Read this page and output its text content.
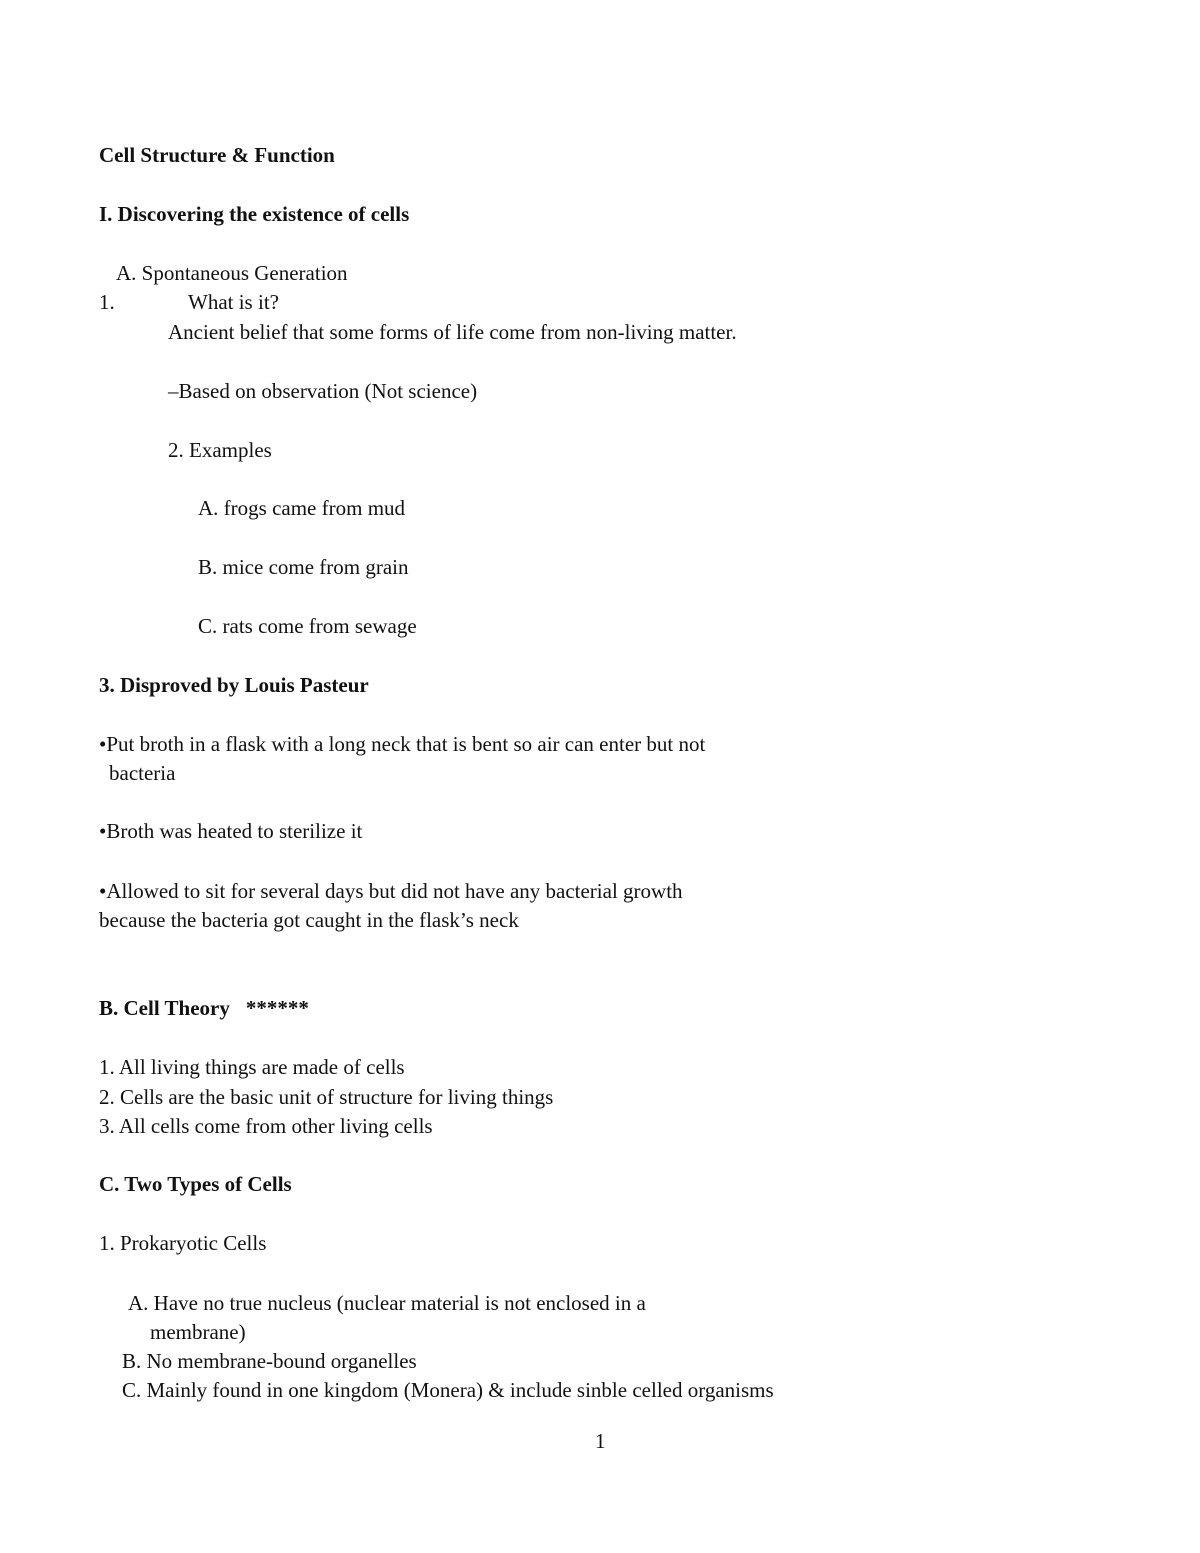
Cell Structure & Function
I. Discovering the existence of cells
A. Spontaneous Generation
1.	What is it?
Ancient belief that some forms of life come from non-living matter.
–Based on observation (Not science)
2. Examples
A. frogs came from mud
B. mice come from grain
C. rats come from sewage
3. Disproved by Louis Pasteur
•Put broth in a flask with a long neck that is bent so air can enter but not
bacteria
•Broth was heated to sterilize it
•Allowed to sit for several days but did not have any bacterial growth
because the bacteria got caught in the flask’s neck
B. Cell Theory ******
1. All living things are made of cells
2. Cells are the basic unit of structure for living things
3. All cells come from other living cells
C. Two Types of Cells
1. Prokaryotic Cells
A. Have no true nucleus (nuclear material is not enclosed in a
membrane)
B. No membrane-bound organelles
C. Mainly found in one kingdom (Monera) & include sinble celled organisms
1
